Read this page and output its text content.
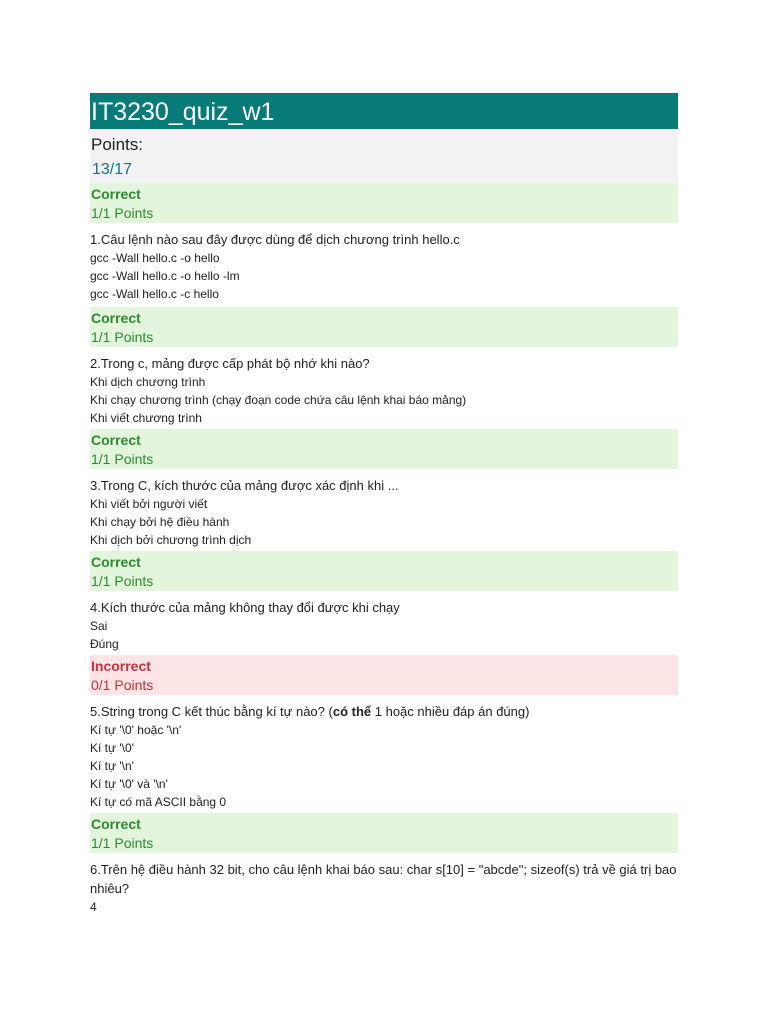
IT3230_quiz_w1
Points:
13/17
Correct
1/1 Points
1.Câu lệnh nào sau đây được dùng để dịch chương trình hello.c
gcc -Wall hello.c -o hello
gcc -Wall hello.c -o hello -lm
gcc -Wall hello.c -c hello
Correct
1/1 Points
2.Trong c, mảng được cấp phát bộ nhớ khi nào?
Khi dịch chương trình
Khi chạy chương trình (chạy đoạn code chứa câu lệnh khai báo mảng)
Khi viết chương trình
Correct
1/1 Points
3.Trong C, kích thước của mảng được xác định khi ...
Khi viết bởi người viết
Khi chạy bởi hệ điều hành
Khi dịch bởi chương trình dịch
Correct
1/1 Points
4.Kích thước của mảng không thay đổi được khi chạy
Sai
Đúng
Incorrect
0/1 Points
5.String trong C kết thúc bằng kí tự nào? (có thể 1 hoặc nhiều đáp án đúng)
Kí tự '\0' hoặc '\n'
Kí tự '\0'
Kí tự '\n'
Kí tự '\0' và '\n'
Kí tự có mã ASCII bằng 0
Correct
1/1 Points
6.Trên hệ điều hành 32 bit, cho câu lệnh khai báo sau: char s[10] = "abcde"; sizeof(s) trả về giá trị bao nhiêu?
4
